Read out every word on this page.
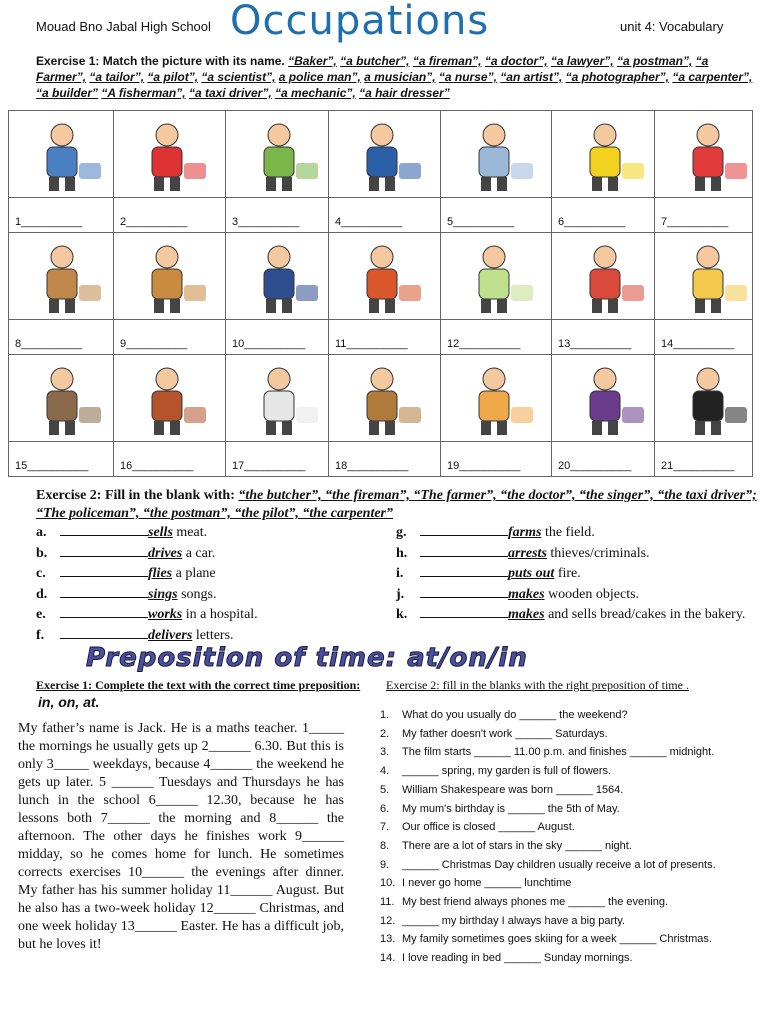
Mouad Bno Jabal High School Occupations	unit 4: Vocabulary
Exercise 1: Match the picture with its name. “Baker”, “a butcher”, “a fireman”, “a doctor”, “a lawyer”, “a postman”, “a Farmer”, “a tailor”, “a pilot”, “a scientist”, a police man”, a musician”, “a nurse”, “an artist”, “a photographer”, “a carpenter”, “a builder” “A fisherman”, “a taxi driver”, “a mechanic”, “a hair dresser”

1__________	2__________	3__________	4__________	5__________	6__________	7__________

8__________	9__________	10__________	11__________	12__________	13__________	14__________

15__________	16__________	17__________	18__________	19__________	20__________	21__________
Exercise 2: Fill in the blank with: “the butcher”, “the fireman”, “The farmer”, “the doctor”, “the singer”, “the taxi driver”; “The policeman”, “the postman”, “the pilot”, “the carpenter”
a.	sells meat.
b.	drives a car.
c.	flies a plane
d.	sings songs.
e.	works in a hospital.
f.	delivers letters.
g.	farms the field.
h.	arrests thieves/criminals.
i.	puts out fire.
j.	makes wooden objects.
k.	makes and sells bread/cakes in the bakery.
Preposition of time: at/on/in
Exercise 1: Complete the text with the correct time preposition:
in, on, at.
My father’s name is Jack. He is a maths teacher. 1_____ the mornings he usually gets up 2______ 6.30. But this is only 3_____ weekdays, because 4______ the weekend he gets up later. 5 ______ Tuesdays and Thursdays he has lunch in the school 6______ 12.30, because he has lessons both 7______ the morning and 8______ the afternoon. The other days he finishes work 9______ midday, so he comes home for lunch. He sometimes corrects exercises 10______ the evenings after dinner. My father has his summer holiday 11______ August. But he also has a two-week holiday 12______ Christmas, and one week holiday 13______ Easter. He has a difficult job, but he loves it!
Exercise 2: fill in the blanks with the right preposition of time .
1. What do you usually do ______ the weekend?
2. My father doesn't work ______ Saturdays.
3. The film starts ______ 11.00 p.m. and finishes ______ midnight.
4. ______ spring, my garden is full of flowers.
5. William Shakespeare was born ______ 1564.
6. My mum's birthday is ______ the 5th of May.
7. Our office is closed ______ August.
8. There are a lot of stars in the sky ______ night.
9. ______ Christmas Day children usually receive a lot of presents.
10. I never go home ______ lunchtime
11. My best friend always phones me ______ the evening.
12. ______ my birthday I always have a big party.
13. My family sometimes goes skiing for a week ______ Christmas.
14. I love reading in bed ______ Sunday mornings.
